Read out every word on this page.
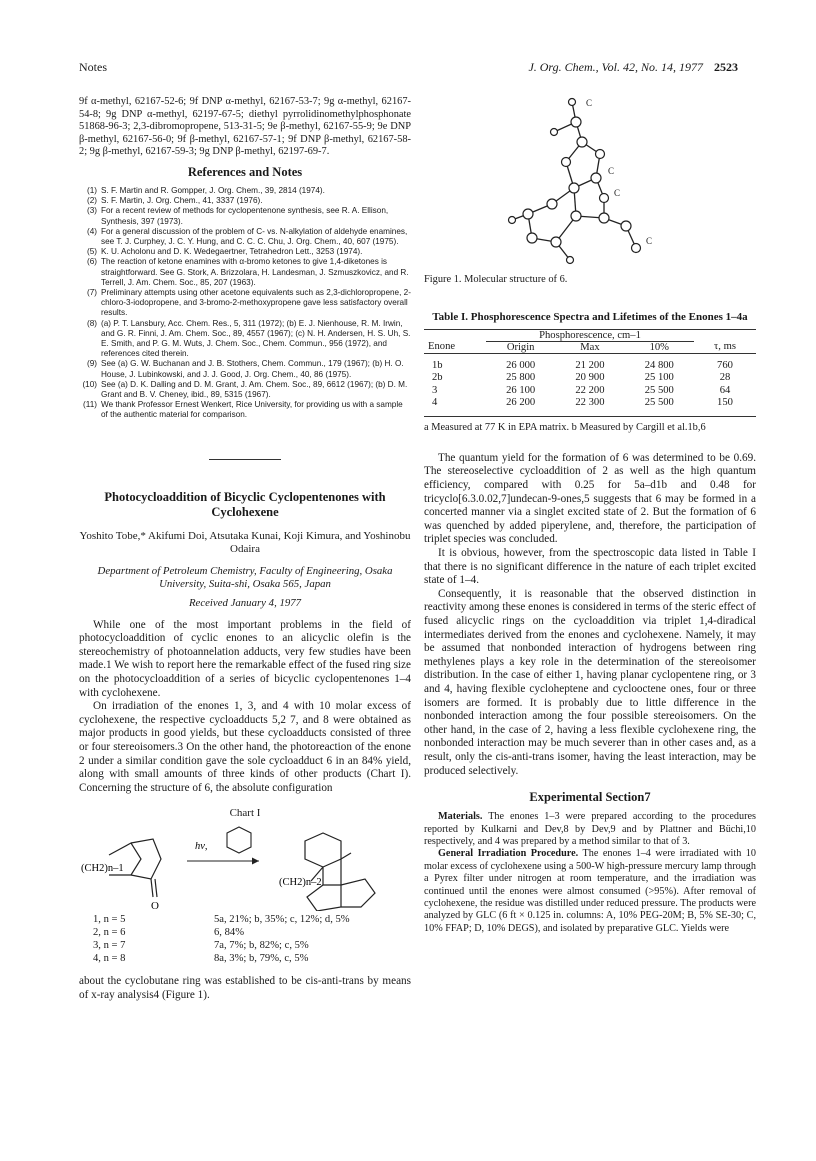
Notes	J. Org. Chem., Vol. 42, No. 14, 1977 2523

9f α-methyl, 62167-52-6; 9f DNP α-methyl, 62167-53-7; 9g α-methyl, 62167-54-8; 9g DNP α-methyl, 62197-67-5; diethyl pyrrolidinomethylphosphonate 51868-96-3; 2,3-dibromopropene, 513-31-5; 9e β-methyl, 62167-55-9; 9e DNP β-methyl, 62167-56-0; 9f β-methyl, 62167-57-1; 9f DNP β-methyl, 62167-58-2; 9g β-methyl, 62167-59-3; 9g DNP β-methyl, 62197-69-7.

References and Notes
(1) S. F. Martin and R. Gompper, J. Org. Chem., 39, 2814 (1974).
(2) S. F. Martin, J. Org. Chem., 41, 3337 (1976).
(3) For a recent review of methods for cyclopentenone synthesis, see R. A. Ellison, Synthesis, 397 (1973).
(4) For a general discussion of the problem of C- vs. N-alkylation of aldehyde enamines, see T. J. Curphey, J. C. Y. Hung, and C. C. C. Chu, J. Org. Chem., 40, 607 (1975).
(5) K. U. Acholonu and D. K. Wedegaertner, Tetrahedron Lett., 3253 (1974).
(6) The reaction of ketone enamines with α-bromo ketones to give 1,4-diketones is straightforward. See G. Stork, A. Brizzolara, H. Landesman, J. Szmuszkovicz, and R. Terrell, J. Am. Chem. Soc., 85, 207 (1963).
(7) Preliminary attempts using other acetone equivalents such as 2,3-dichloropropene, 2-chloro-3-iodopropene, and 3-bromo-2-methoxypropene gave less satisfactory overall results.
(8) (a) P. T. Lansbury, Acc. Chem. Res., 5, 311 (1972); (b) E. J. Nienhouse, R. M. Irwin, and G. R. Finni, J. Am. Chem. Soc., 89, 4557 (1967); (c) N. H. Andersen, H. S. Uh, S. E. Smith, and P. G. M. Wuts, J. Chem. Soc., Chem. Commun., 956 (1972), and references cited therein.
(9) See (a) G. W. Buchanan and J. B. Stothers, Chem. Commun., 179 (1967); (b) H. O. House, J. Lubinkowski, and J. J. Good, J. Org. Chem., 40, 86 (1975).
(10) See (a) D. K. Dalling and D. M. Grant, J. Am. Chem. Soc., 89, 6612 (1967); (b) D. M. Grant and B. V. Cheney, ibid., 89, 5315 (1967).
(11) We thank Professor Ernest Wenkert, Rice University, for providing us with a sample of the authentic material for comparison.
Photocycloaddition of Bicyclic Cyclopentenones with Cyclohexene
Yoshito Tobe,* Akifumi Doi, Atsutaka Kunai, Koji Kimura, and Yoshinobu Odaira
Department of Petroleum Chemistry, Faculty of Engineering, Osaka University, Suita-shi, Osaka 565, Japan
Received January 4, 1977

While one of the most important problems in the field of photocycloaddition of cyclic enones to an alicyclic olefin is the stereochemistry of photoannelation adducts, very few studies have been made.1 We wish to report here the remarkable effect of the fused ring size on the photocycloaddition of a series of bicyclic cyclopentenones 1–4 with cyclohexene.

On irradiation of the enones 1, 3, and 4 with 10 molar excess of cyclohexene, the respective cycloadducts 5,2 7, and 8 were obtained as major products in good yields, but these cycloadducts consisted of three or four stereoisomers.3 On the other hand, the photoreaction of the enone 2 under a similar condition gave the sole cycloadduct 6 in an 84% yield, along with small amounts of three kinds of other products (Chart I). Concerning the structure of 6, the absolute configuration

Chart I
(CH2)n–1
O
hν,
(CH2)n–2
1, n = 5	5a, 21%; b, 35%; c, 12%; d, 5%
2, n = 6	6, 84%
3, n = 7	7a, 7%; b, 82%; c, 5%
4, n = 8	8a, 3%; b, 79%, c, 5%

about the cyclobutane ring was established to be cis-anti-trans by means of x-ray analysis4 (Figure 1).

C
C
C
C
Figure 1. Molecular structure of 6.
Table I. Phosphorescence Spectra and Lifetimes of the Enones 1–4a
	Phosphorescence, cm–1			
Enone	Origin	Max	10%	τ, ms
1b	26 000	21 200	24 800	760
2b	25 800	20 900	25 100	28
3	26 100	22 200	25 500	64
4	26 200	22 300	25 500	150
a Measured at 77 K in EPA matrix. b Measured by Cargill et al.1b,6

The quantum yield for the formation of 6 was determined to be 0.69. The stereoselective cycloaddition of 2 as well as the high quantum efficiency, compared with 0.25 for 5a–d1b and 0.48 for tricyclo[6.3.0.02,7]undecan-9-ones,5 suggests that 6 may be formed in a concerted manner via a singlet excited state of 2. But the formation of 6 was quenched by added piperylene, and, therefore, the participation of triplet species was concluded.

It is obvious, however, from the spectroscopic data listed in Table I that there is no significant difference in the nature of each triplet excited state of 1–4.

Consequently, it is reasonable that the observed distinction in reactivity among these enones is considered in terms of the steric effect of fused alicyclic rings on the cycloaddition via triplet 1,4-diradical intermediates derived from the enones and cyclohexene. Namely, it may be assumed that nonbonded interaction of hydrogens between ring methylenes plays a key role in the determination of the stereoisomer distribution. In the case of either 1, having planar cyclopentene ring, or 3 and 4, having flexible cycloheptene and cyclooctene ones, four or three isomers are formed. It is probably due to little difference in the nonbonded interaction among the four possible stereoisomers. On the other hand, in the case of 2, having a less flexible cyclohexene ring, the nonbonded interaction may be much severer than in other cases and, as a result, only the cis-anti-trans isomer, having the least interaction, may be produced selectively.

Experimental Section7

Materials. The enones 1–3 were prepared according to the procedures reported by Kulkarni and Dev,8 by Dev,9 and by Plattner and Büchi,10 respectively, and 4 was prepared by a method similar to that of 3.

General Irradiation Procedure. The enones 1–4 were irradiated with 10 molar excess of cyclohexene using a 500-W high-pressure mercury lamp through a Pyrex filter under nitrogen at room temperature, and the irradiation was continued until the enones were almost consumed (>95%). After removal of cyclohexene, the residue was distilled under reduced pressure. The products were analyzed by GLC (6 ft × 0.125 in. columns: A, 10% PEG-20M; B, 5% SE-30; C, 10% FFAP; D, 10% DEGS), and isolated by preparative GLC. Yields were
